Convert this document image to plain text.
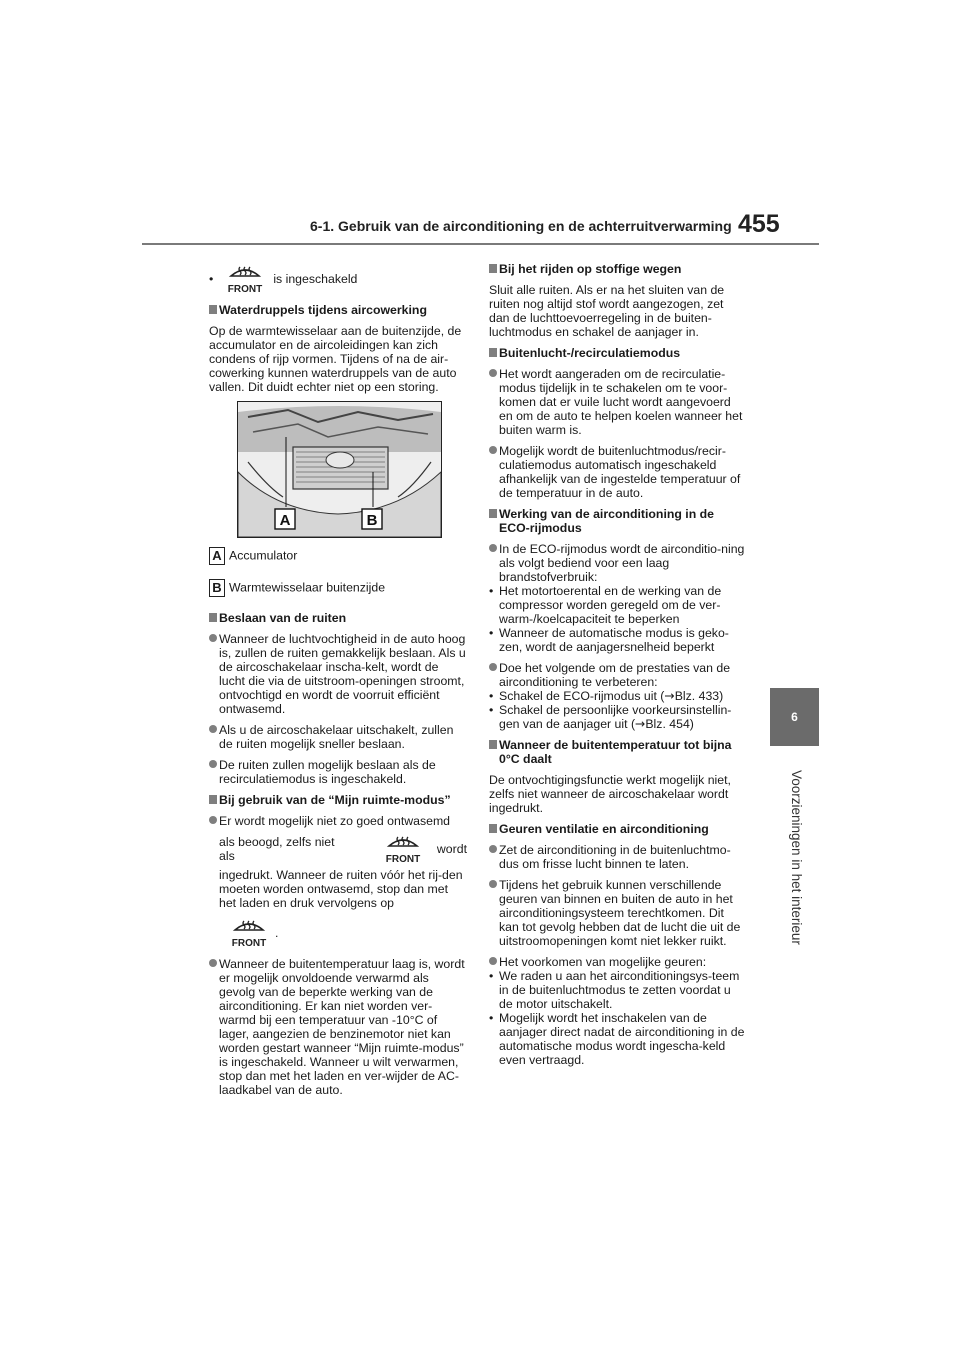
6-1. Gebruik van de airconditioning en de achterruitverwarming 455
6
Voorzieningen in het interieur
•
FRONT
is ingeschakeld
Waterdruppels tijdens aircowerking

Op de warmtewisselaar aan de buitenzijde, de accumulator en de aircoleidingen kan zich condens of rijp vormen. Tijdens of na de air-cowerking kunnen waterdruppels van de auto vallen. Dit duidt echter niet op een storing.

A	B
A Accumulator
B Warmtewisselaar buitenzijde
Beslaan van de ruiten
Wanneer de luchtvochtigheid in de auto hoog is, zullen de ruiten gemakkelijk beslaan. Als u de aircoschakelaar inscha-kelt, wordt de lucht die via de uitstroom-openingen stroomt, ontvochtigd en wordt de voorruit efficiënt ontwasemd.
Als u de aircoschakelaar uitschakelt, zullen de ruiten mogelijk sneller beslaan.
De ruiten zullen mogelijk beslaan als de recirculatiemodus is ingeschakeld.
Bij gebruik van de “Mijn ruimte-modus”
Er wordt mogelijk niet zo goed ontwasemd
als beoogd, zelfs niet als	FRONT
wordt
ingedrukt. Wanneer de ruiten vóór het rij-den moeten worden ontwasemd, stop dan met het laden en druk vervolgens op
FRONT
.
Wanneer de buitentemperatuur laag is, wordt er mogelijk onvoldoende verwarmd als gevolg van de beperkte werking van de airconditioning. Er kan niet worden ver-warmd bij een temperatuur van -10°C of lager, aangezien de benzinemotor niet kan worden gestart wanneer “Mijn ruimte-modus” is ingeschakeld. Wanneer u wilt verwarmen, stop dan met het laden en ver-wijder de AC-laadkabel van de auto.
Bij het rijden op stoffige wegen

Sluit alle ruiten. Als er na het sluiten van de ruiten nog altijd stof wordt aangezogen, zet dan de luchttoevoerregeling in de buiten-luchtmodus en schakel de aanjager in.

Buitenlucht-/recirculatiemodus
Het wordt aangeraden om de recirculatie-modus tijdelijk in te schakelen om te voor-komen dat er vuile lucht wordt aangevoerd en om de auto te helpen koelen wanneer het buiten warm is.
Mogelijk wordt de buitenluchtmodus/recir-culatiemodus automatisch ingeschakeld afhankelijk van de ingestelde temperatuur of de temperatuur in de auto.
Werking van de airconditioning in de ECO-rijmodus
In de ECO-rijmodus wordt de airconditio-ning als volgt bediend voor een laag brandstofverbruik:
• Het motortoerental en de werking van de compressor worden geregeld om de ver-warm-/koelcapaciteit te beperken
• Wanneer de automatische modus is geko-zen, wordt de aanjagersnelheid beperkt
Doe het volgende om de prestaties van de airconditioning te verbeteren:
• Schakel de ECO-rijmodus uit (→Blz. 433)
• Schakel de persoonlijke voorkeursinstellin-gen van de aanjager uit (→Blz. 454)
Wanneer de buitentemperatuur tot bijna 0°C daalt

De ontvochtigingsfunctie werkt mogelijk niet, zelfs niet wanneer de aircoschakelaar wordt ingedrukt.

Geuren ventilatie en airconditioning
Zet de airconditioning in de buitenluchtmo-dus om frisse lucht binnen te laten.
Tijdens het gebruik kunnen verschillende geuren van binnen en buiten de auto in het airconditioningsysteem terechtkomen. Dit kan tot gevolg hebben dat de lucht die uit de uitstroomopeningen komt niet lekker ruikt.
Het voorkomen van mogelijke geuren:
• We raden u aan het airconditioningsys-teem in de buitenluchtmodus te zetten voordat u de motor uitschakelt.
• Mogelijk wordt het inschakelen van de aanjager direct nadat de airconditioning in de automatische modus wordt ingescha-keld even vertraagd.
